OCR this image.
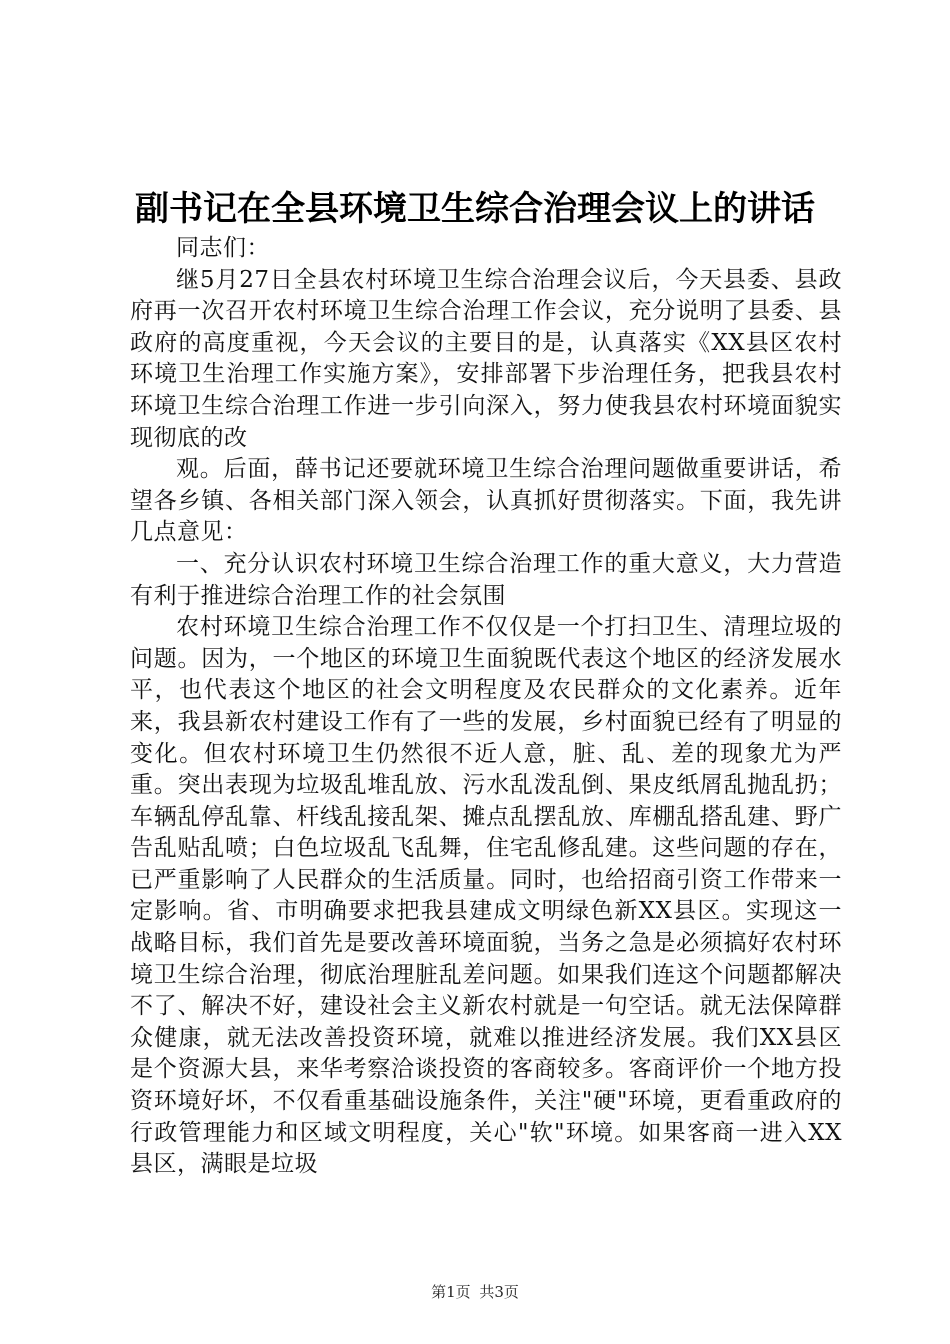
副书记在全县环境卫生综合治理会议上的讲话

同志们：

继5月27日全县农村环境卫生综合治理会议后，今天县委、县政府再一次召开农村环境卫生综合治理工作会议，充分说明了县委、县政府的高度重视，今天会议的主要目的是，认真落实《XX县区农村环境卫生治理工作实施方案》，安排部署下步治理任务，把我县农村环境卫生综合治理工作进一步引向深入，努力使我县农村环境面貌实现彻底的改

观。后面，薛书记还要就环境卫生综合治理问题做重要讲话，希望各乡镇、各相关部门深入领会，认真抓好贯彻落实。下面，我先讲几点意见：

一、充分认识农村环境卫生综合治理工作的重大意义，大力营造有利于推进综合治理工作的社会氛围

农村环境卫生综合治理工作不仅仅是一个打扫卫生、清理垃圾的问题。因为，一个地区的环境卫生面貌既代表这个地区的经济发展水平，也代表这个地区的社会文明程度及农民群众的文化素养。近年来，我县新农村建设工作有了一些的发展，乡村面貌已经有了明显的变化。但农村环境卫生仍然很不近人意，脏、乱、差的现象尤为严重。突出表现为垃圾乱堆乱放、污水乱泼乱倒、果皮纸屑乱抛乱扔；车辆乱停乱靠、杆线乱接乱架、摊点乱摆乱放、库棚乱搭乱建、野广告乱贴乱喷；白色垃圾乱飞乱舞，住宅乱修乱建。这些问题的存在，已严重影响了人民群众的生活质量。同时，也给招商引资工作带来一定影响。省、市明确要求把我县建成文明绿色新XX县区。实现这一战略目标，我们首先是要改善环境面貌，当务之急是必须搞好农村环境卫生综合治理，彻底治理脏乱差问题。如果我们连这个问题都解决不了、解决不好，建设社会主义新农村就是一句空话。就无法保障群众健康，就无法改善投资环境，就难以推进经济发展。我们XX县区是个资源大县，来华考察洽谈投资的客商较多。客商评价一个地方投资环境好坏，不仅看重基础设施条件，关注"硬"环境，更看重政府的行政管理能力和区域文明程度，关心"软"环境。如果客商一进入XX县区，满眼是垃圾

第1页 共3页
